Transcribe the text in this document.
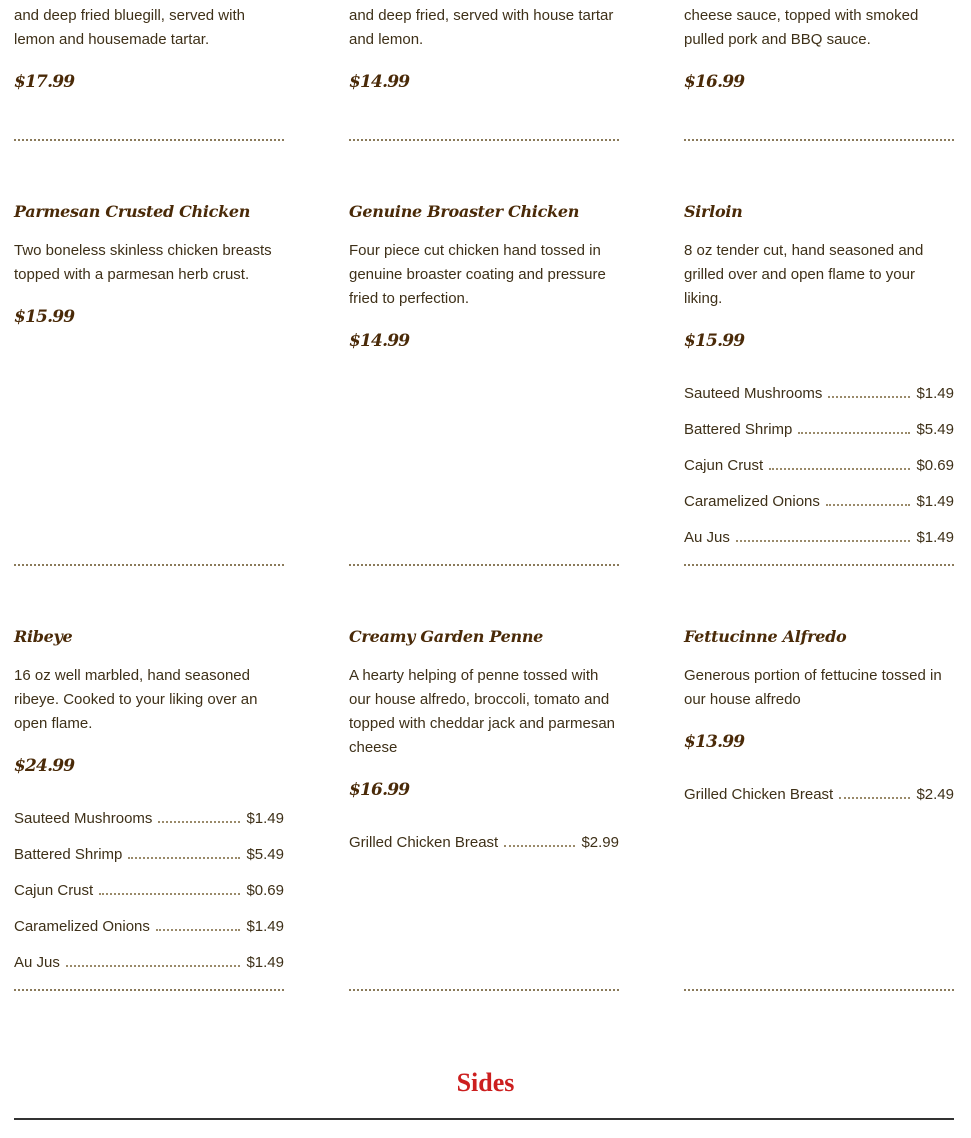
and deep fried bluegill, served with lemon and housemade tartar.

$17.99

and deep fried, served with house tartar and lemon.

$14.99

cheese sauce, topped with smoked pulled pork and BBQ sauce.

$16.99
Parmesan Crusted Chicken

Two boneless skinless chicken breasts topped with a parmesan herb crust.

$15.99
Genuine Broaster Chicken

Four piece cut chicken hand tossed in genuine broaster coating and pressure fried to perfection.

$14.99
Sirloin

8 oz tender cut, hand seasoned and grilled over and open flame to your liking.

$15.99
Sauteed Mushrooms	$1.49
Battered Shrimp	$5.49
Cajun Crust	$0.69
Caramelized Onions	$1.49
Au Jus	$1.49
Ribeye

16 oz well marbled, hand seasoned ribeye. Cooked to your liking over an open flame.

$24.99
Sauteed Mushrooms	$1.49
Battered Shrimp	$5.49
Cajun Crust	$0.69
Caramelized Onions	$1.49
Au Jus	$1.49
Creamy Garden Penne

A hearty helping of penne tossed with our house alfredo, broccoli, tomato and topped with cheddar jack and parmesan cheese

$16.99
Grilled Chicken Breast	$2.99
Fettucinne Alfredo

Generous portion of fettucine tossed in our house alfredo

$13.99
Grilled Chicken Breast	$2.49
Sides
